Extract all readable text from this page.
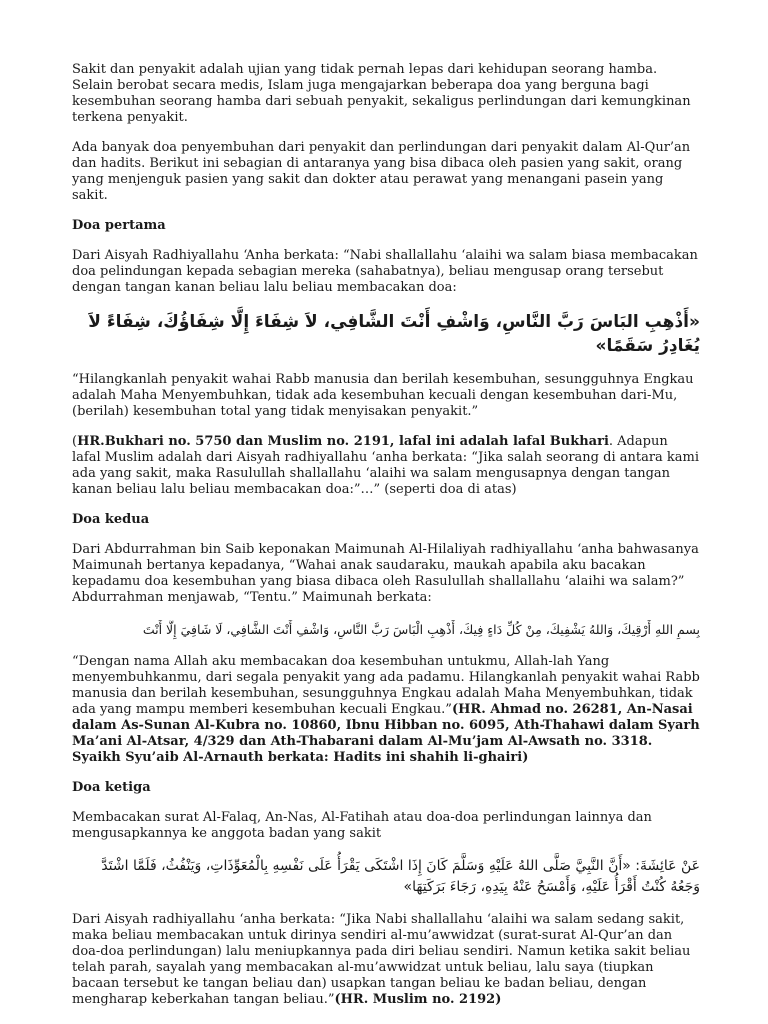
Sakit dan penyakit adalah ujian yang tidak pernah lepas dari kehidupan seorang hamba. Selain berobat secara medis, Islam juga mengajarkan beberapa doa yang berguna bagi kesembuhan seorang hamba dari sebuah penyakit, sekaligus perlindungan dari kemungkinan terkena penyakit.

Ada banyak doa penyembuhan dari penyakit dan perlindungan dari penyakit dalam Al-Qur’an dan hadits. Berikut ini sebagian di antaranya yang bisa dibaca oleh pasien yang sakit, orang yang menjenguk pasien yang sakit dan dokter atau perawat yang menangani pasein yang sakit.

Doa pertama

Dari Aisyah Radhiyallahu ‘Anha berkata: “Nabi shallallahu ‘alaihi wa salam biasa membacakan doa pelindungan kepada sebagian mereka (sahabatnya), beliau mengusap orang tersebut dengan tangan kanan beliau lalu beliau membacakan doa:

«أَذْهِبِ البَاسَ رَبَّ النَّاسِ، وَاشْفِ أَنْتَ الشَّافِي، لاَ شِفَاءَ إِلَّا شِفَاؤُكَ، شِفَاءً لاَ يُغَادِرُ سَقَمًا»

“Hilangkanlah penyakit wahai Rabb manusia dan berilah kesembuhan, sesungguhnya Engkau adalah Maha Menyembuhkan, tidak ada kesembuhan kecuali dengan kesembuhan dari-Mu, (berilah) kesembuhan total yang tidak menyisakan penyakit.”

(HR.Bukhari no. 5750 dan Muslim no. 2191, lafal ini adalah lafal Bukhari. Adapun lafal Muslim adalah dari Aisyah radhiyallahu ‘anha berkata: “Jika salah seorang di antara kami ada yang sakit, maka Rasulullah shallallahu ‘alaihi wa salam mengusapnya dengan tangan kanan beliau lalu beliau membacakan doa:”…” (seperti doa di atas)

Doa kedua

Dari Abdurrahman bin Saib keponakan Maimunah Al-Hilaliyah radhiyallahu ‘anha bahwasanya Maimunah bertanya kepadanya, “Wahai anak saudaraku, maukah apabila aku bacakan kepadamu doa kesembuhan yang biasa dibaca oleh Rasulullah shallallahu ‘alaihi wa salam?” Abdurrahman menjawab, “Tentu.” Maimunah berkata:

بِسمِ اللهِ أَرْقِيكَ، وَاللهُ يَشْفِيكَ، مِنْ كُلِّ دَاءٍ فِيكَ، أَذْهِبِ الْبَاسَ رَبَّ النَّاسِ، وَاشْفِ أَنْتَ الشَّافِي، لَا شَافِيَ إِلَّا أَنْتَ

“Dengan nama Allah aku membacakan doa kesembuhan untukmu, Allah-lah Yang menyembuhkanmu, dari segala penyakit yang ada padamu. Hilangkanlah penyakit wahai Rabb manusia dan berilah kesembuhan, sesungguhnya Engkau adalah Maha Menyembuhkan, tidak ada yang mampu memberi kesembuhan kecuali Engkau.”(HR. Ahmad no. 26281, An-Nasai dalam As-Sunan Al-Kubra no. 10860, Ibnu Hibban no. 6095, Ath-Thahawi dalam Syarh Ma’ani Al-Atsar, 4/329 dan Ath-Thabarani dalam Al-Mu’jam Al-Awsath no. 3318. Syaikh Syu’aib Al-Arnauth berkata: Hadits ini shahih li-ghairi)

Doa ketiga

Membacakan surat Al-Falaq, An-Nas, Al-Fatihah atau doa-doa perlindungan lainnya dan mengusapkannya ke anggota badan yang sakit

عَنْ عَائِشَةَ: «أَنَّ النَّبِيَّ صَلَّى اللهُ عَلَيْهِ وَسَلَّمَ كَانَ إِذَا اشْتَكَى يَقْرَأُ عَلَى نَفْسِهِ بِالْمُعَوِّذَاتِ، وَيَنْفُثُ، فَلَمَّا اشْتَدَّ وَجَعُهُ كُنْتُ أَقْرَأُ عَلَيْهِ، وَأَمْسَحُ عَنْهُ بِيَدِهِ، رَجَاءَ بَرَكَتِهَا»

Dari Aisyah radhiyallahu ‘anha berkata: “Jika Nabi shallallahu ‘alaihi wa salam sedang sakit, maka beliau membacakan untuk dirinya sendiri al-mu’awwidzat (surat-surat Al-Qur’an dan doa-doa perlindungan) lalu meniupkannya pada diri beliau sendiri. Namun ketika sakit beliau telah parah, sayalah yang membacakan al-mu’awwidzat untuk beliau, lalu saya (tiupkan bacaan tersebut ke tangan beliau dan) usapkan tangan beliau ke badan beliau, dengan mengharap keberkahan tangan beliau.”(HR. Muslim no. 2192)
